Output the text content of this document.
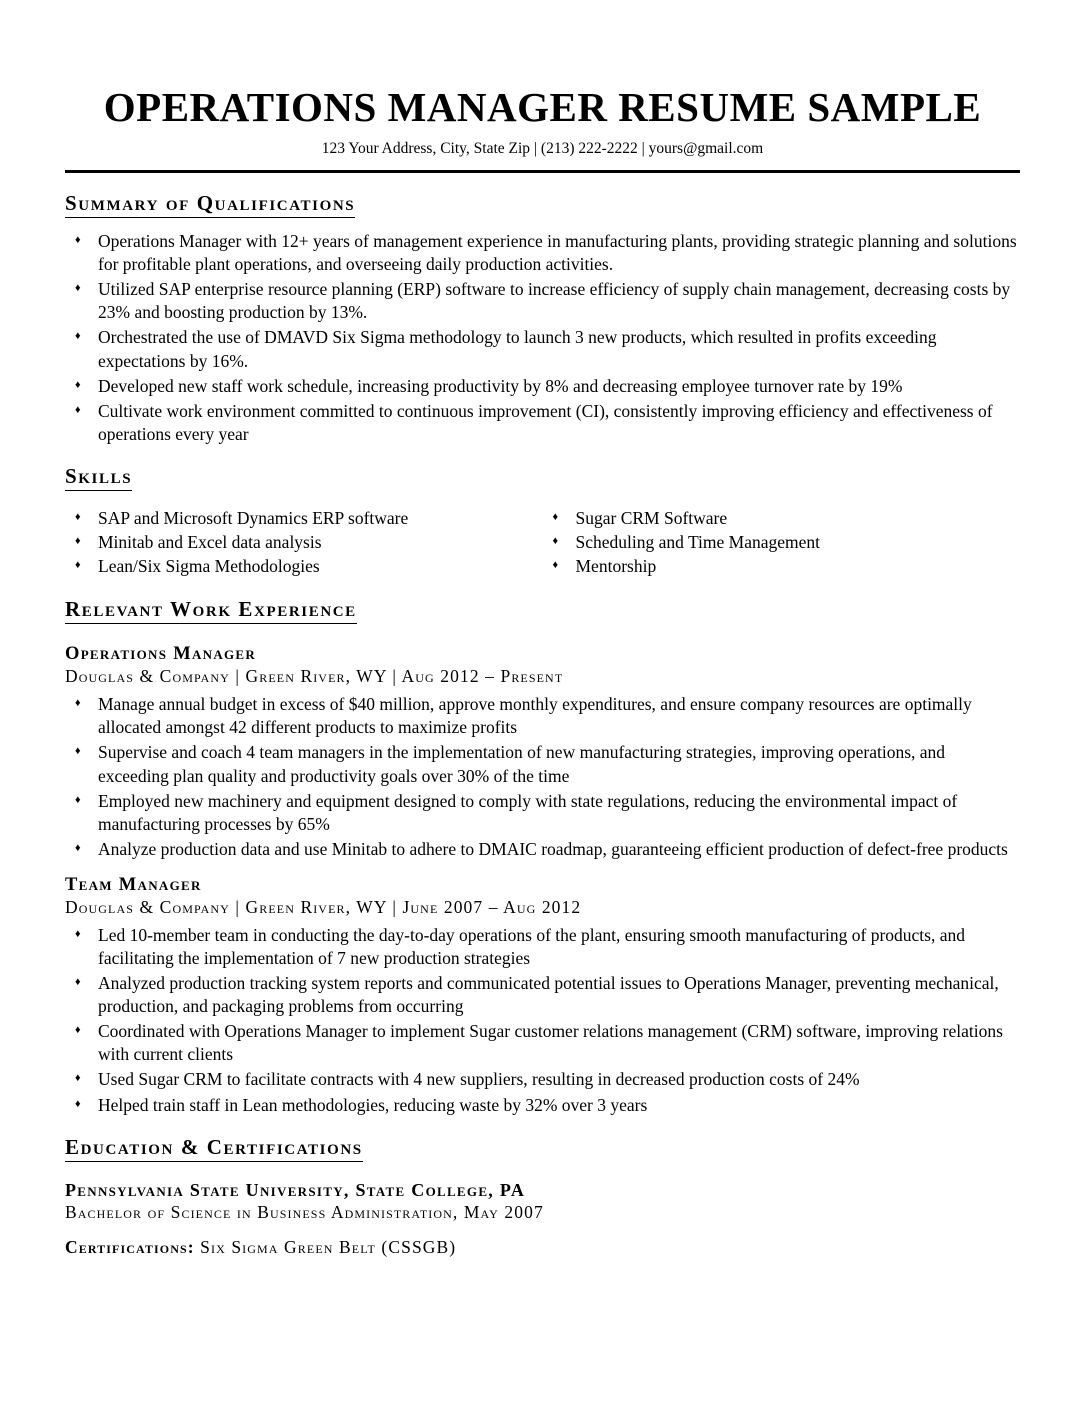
OPERATIONS MANAGER RESUME SAMPLE
123 Your Address, City, State Zip | (213) 222-2222 | yours@gmail.com
Summary of Qualifications
♦ Operations Manager with 12+ years of management experience in manufacturing plants, providing strategic planning and solutions for profitable plant operations, and overseeing daily production activities.
♦ Utilized SAP enterprise resource planning (ERP) software to increase efficiency of supply chain management, decreasing costs by 23% and boosting production by 13%.
♦ Orchestrated the use of DMAVD Six Sigma methodology to launch 3 new products, which resulted in profits exceeding expectations by 16%.
♦ Developed new staff work schedule, increasing productivity by 8% and decreasing employee turnover rate by 19%
♦ Cultivate work environment committed to continuous improvement (CI), consistently improving efficiency and effectiveness of operations every year
Skills
♦ SAP and Microsoft Dynamics ERP software
♦ Minitab and Excel data analysis
♦ Lean/Six Sigma Methodologies
♦ Sugar CRM Software
♦ Scheduling and Time Management
♦ Mentorship
Relevant Work Experience
Operations Manager
Douglas & Company | Green River, WY | Aug 2012 – Present
♦ Manage annual budget in excess of $40 million, approve monthly expenditures, and ensure company resources are optimally allocated amongst 42 different products to maximize profits
♦ Supervise and coach 4 team managers in the implementation of new manufacturing strategies, improving operations, and exceeding plan quality and productivity goals over 30% of the time
♦ Employed new machinery and equipment designed to comply with state regulations, reducing the environmental impact of manufacturing processes by 65%
♦ Analyze production data and use Minitab to adhere to DMAIC roadmap, guaranteeing efficient production of defect-free products
Team Manager
Douglas & Company | Green River, WY | June 2007 – Aug 2012
♦ Led 10-member team in conducting the day-to-day operations of the plant, ensuring smooth manufacturing of products, and facilitating the implementation of 7 new production strategies
♦ Analyzed production tracking system reports and communicated potential issues to Operations Manager, preventing mechanical, production, and packaging problems from occurring
♦ Coordinated with Operations Manager to implement Sugar customer relations management (CRM) software, improving relations with current clients
♦ Used Sugar CRM to facilitate contracts with 4 new suppliers, resulting in decreased production costs of 24%
♦ Helped train staff in Lean methodologies, reducing waste by 32% over 3 years
Education & Certifications
Pennsylvania State University, State College, PA
Bachelor of Science in Business Administration, May 2007
Certifications: Six Sigma Green Belt (CSSGB)
